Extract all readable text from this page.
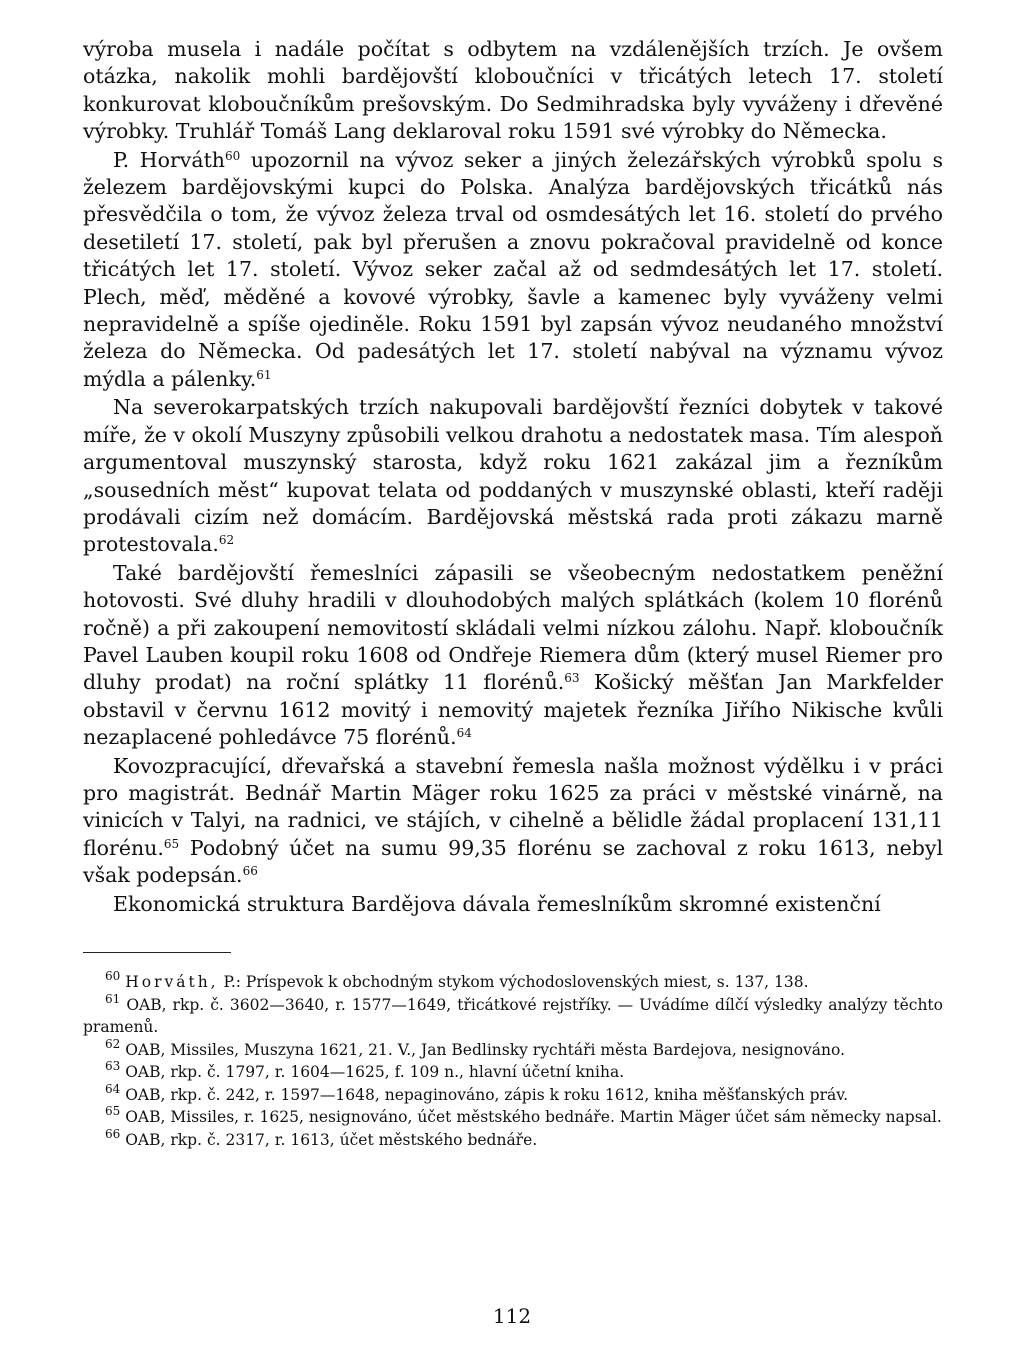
výroba musela i nadále počítat s odbytem na vzdálenějších trzích. Je ovšem otázka, nakolik mohli bardějovští kloboučníci v třicátých letech 17. století konkurovat kloboučníkům prešovským. Do Sedmihradska byly vyváženy i dřevěné výrobky. Truhlář Tomáš Lang deklaroval roku 1591 své výrobky do Německa.

P. Horváth$^{60}$ upozornil na vývoz seker a jiných železářských výrobků spolu s železem bardějovskými kupci do Polska. Analýza bardějovských třicátků nás přesvědčila o tom, že vývoz železa trval od osmdesátých let 16. století do prvého desetiletí 17. století, pak byl přerušen a znovu pokračoval pravidelně od konce třicátých let 17. století. Vývoz seker začal až od sedmdesátých let 17. století. Plech, měď, měděné a kovové výrobky, šavle a kamenec byly vyváženy velmi nepravidelně a spíše ojediněle. Roku 1591 byl zapsán vývoz neudaného množství železa do Německa. Od padesátých let 17. století nabýval na významu vývoz mýdla a pálenky.$^{61}$

Na severokarpatských trzích nakupovali bardějovští řezníci dobytek v takové míře, že v okolí Muszyny způsobili velkou drahotu a nedostatek masa. Tím alespoň argumentoval muszynský starosta, když roku 1621 zakázal jim a řezníkům „sousedních měst“ kupovat telata od poddaných v muszynské oblasti, kteří raději prodávali cizím než domácím. Bardějovská městská rada proti zákazu marně protestovala.$^{62}$

Také bardějovští řemeslníci zápasili se všeobecným nedostatkem peněžní hotovosti. Své dluhy hradili v dlouhodobých malých splátkách (kolem 10 florénů ročně) a při zakoupení nemovitostí skládali velmi nízkou zálohu. Např. kloboučník Pavel Lauben koupil roku 1608 od Ondřeje Riemera dům (který musel Riemer pro dluhy prodat) na roční splátky 11 florénů.$^{63}$ Košický měšťan Jan Markfelder obstavil v červnu 1612 movitý i nemovitý majetek řezníka Jiřího Nikische kvůli nezaplacené pohledávce 75 florénů.$^{64}$

Kovozpracující, dřevařská a stavební řemesla našla možnost výdělku i v práci pro magistrát. Bednář Martin Mäger roku 1625 za práci v městské vinárně, na vinicích v Talyi, na radnici, ve stájích, v cihelně a bělidle žádal proplacení 131,11 florénu.$^{65}$ Podobný účet na sumu 99,35 florénu se zachoval z roku 1613, nebyl však podepsán.$^{66}$

Ekonomická struktura Bardějova dávala řemeslníkům skromné existenční

$^{60}$ Horváth, P.: Príspevok k obchodným stykom východoslovenských miest, s. 137, 138.

$^{61}$ OAB, rkp. č. 3602—3640, r. 1577—1649, třicátkové rejstříky. — Uvádíme dílčí výsledky analýzy těchto pramenů.

$^{62}$ OAB, Missiles, Muszyna 1621, 21. V., Jan Bedlinsky rychtáři města Bardejova, nesignováno.

$^{63}$ OAB, rkp. č. 1797, r. 1604—1625, f. 109 n., hlavní účetní kniha.

$^{64}$ OAB, rkp. č. 242, r. 1597—1648, nepaginováno, zápis k roku 1612, kniha měšťanských práv.

$^{65}$ OAB, Missiles, r. 1625, nesignováno, účet městského bednáře. Martin Mäger účet sám německy napsal.

$^{66}$ OAB, rkp. č. 2317, r. 1613, účet městského bednáře.

112
